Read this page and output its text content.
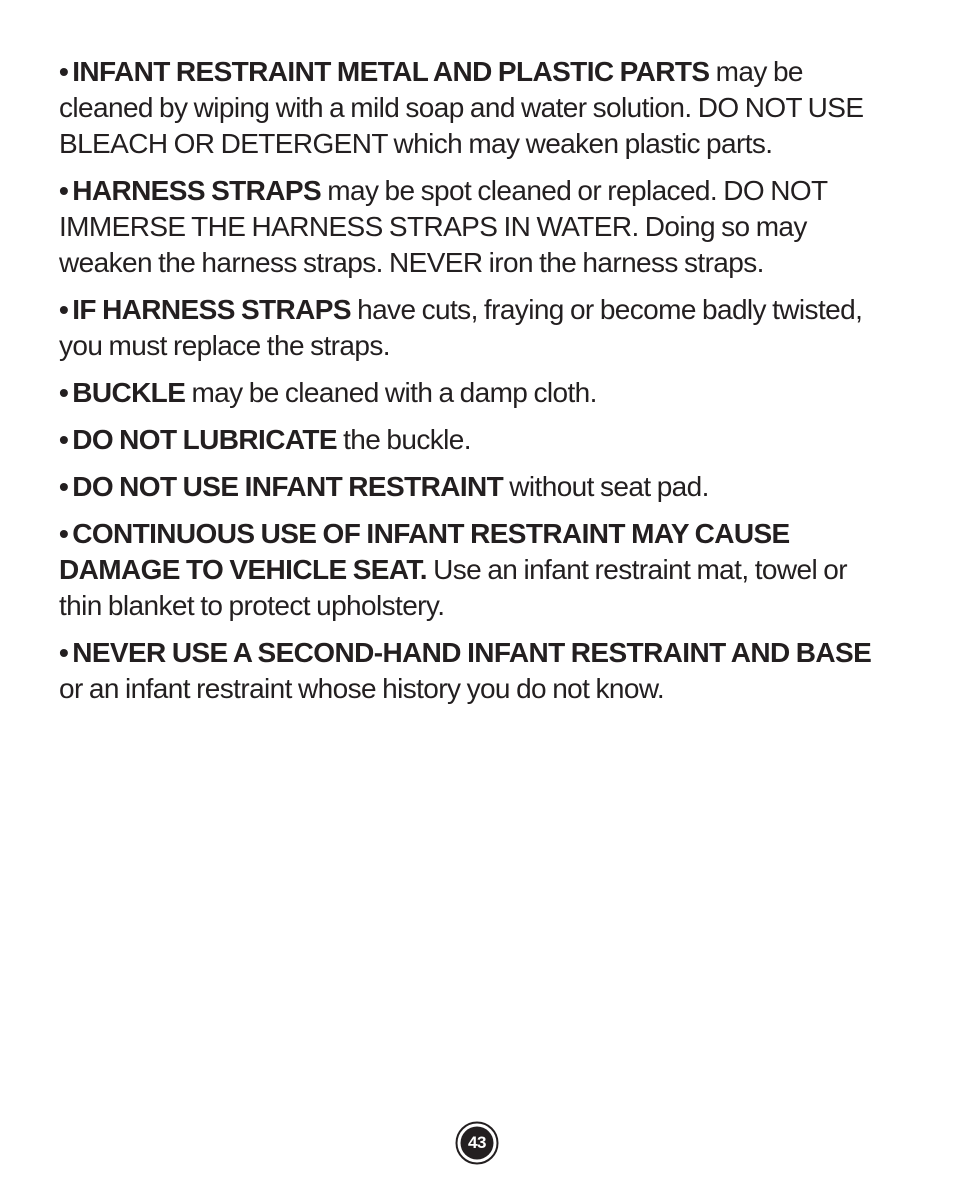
• INFANT RESTRAINT METAL AND PLASTIC PARTS may be cleaned by wiping with a mild soap and water solution. DO NOT USE BLEACH OR DETERGENT which may weaken plastic parts.

• HARNESS STRAPS may be spot cleaned or replaced. DO NOT IMMERSE THE HARNESS STRAPS IN WATER. Doing so may weaken the harness straps. NEVER iron the harness straps.

• IF HARNESS STRAPS have cuts, fraying or become badly twisted, you must replace the straps.

• BUCKLE may be cleaned with a damp cloth.

• DO NOT LUBRICATE the buckle.

• DO NOT USE INFANT RESTRAINT without seat pad.

• CONTINUOUS USE OF INFANT RESTRAINT MAY CAUSE DAMAGE TO VEHICLE SEAT. Use an infant restraint mat, towel or thin blanket to protect upholstery.

• NEVER USE A SECOND-HAND INFANT RESTRAINT AND BASE or an infant restraint whose history you do not know.

43
